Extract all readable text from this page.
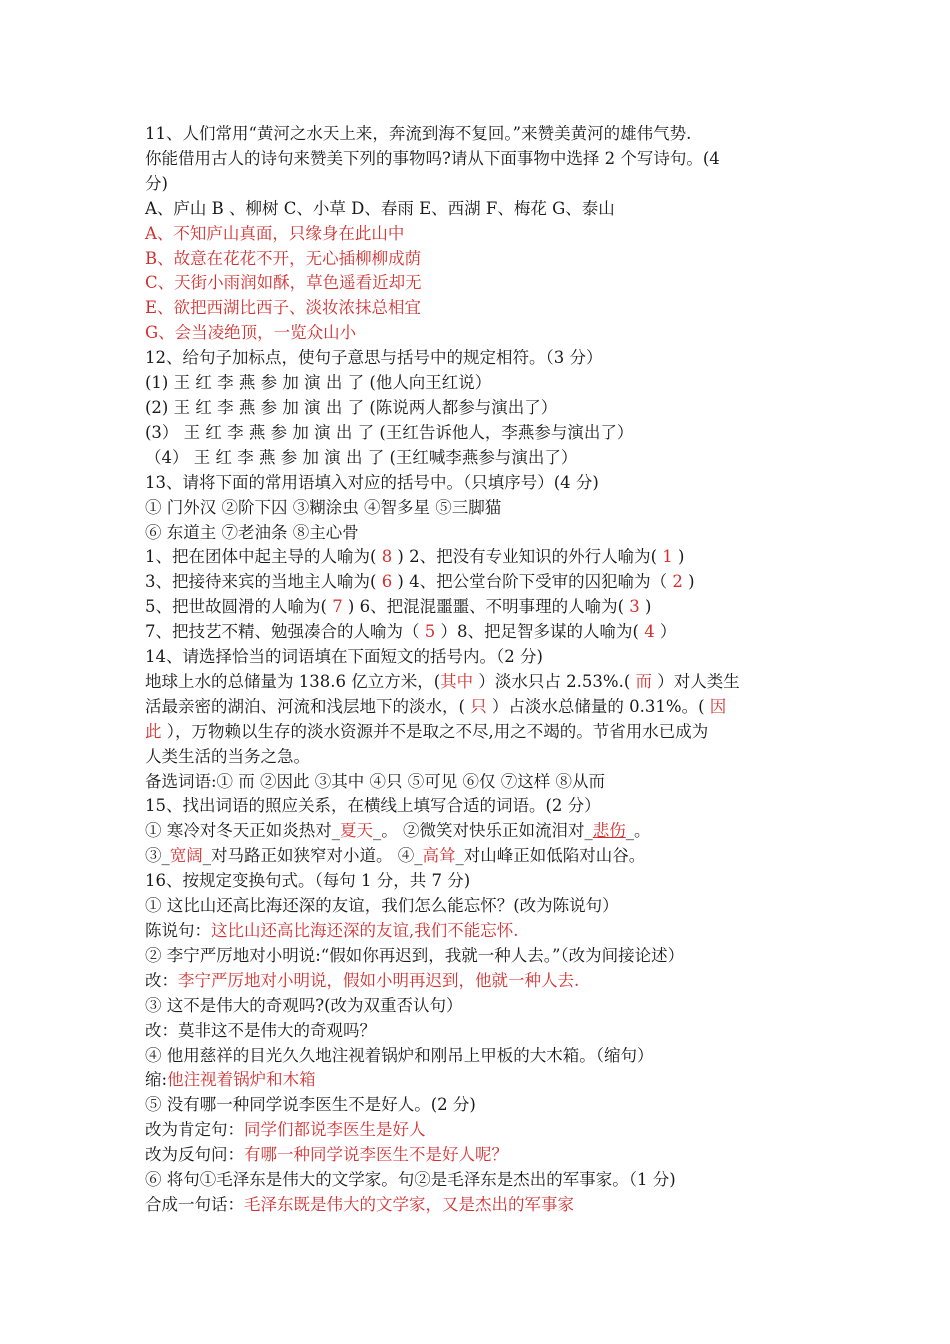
11、人们常用“黄河之水天上来，奔流到海不复回。”来赞美黄河的雄伟气势.
你能借用古人的诗句来赞美下列的事物吗?请从下面事物中选择 2 个写诗句。(4
分)
A、庐山 B 、柳树 C、小草 D、春雨 E、西湖 F、梅花 G、泰山
A、不知庐山真面，只缘身在此山中
B、故意在花花不开，无心插柳柳成荫
C、天街小雨润如酥，草色遥看近却无
E、欲把西湖比西子、淡妆浓抹总相宜
G、会当凌绝顶，一览众山小
12、给句子加标点，使句子意思与括号中的规定相符。（3 分）
(1) 王 红 李 燕 参 加 演 出 了 (他人向王红说）
(2) 王 红 李 燕 参 加 演 出 了 (陈说两人都参与演出了）
(3） 王 红 李 燕 参 加 演 出 了 (王红告诉他人，李燕参与演出了）
（4） 王 红 李 燕 参 加 演 出 了 (王红喊李燕参与演出了）
13、请将下面的常用语填入对应的括号中。（只填序号）(4 分)
① 门外汉 ②阶下囚 ③糊涂虫 ④智多星 ⑤三脚猫
⑥ 东道主 ⑦老油条 ⑧主心骨
1、把在团体中起主导的人喻为( 8 ) 2、把没有专业知识的外行人喻为( 1 )
3、把接待来宾的当地主人喻为( 6 ) 4、把公堂台阶下受审的囚犯喻为（ 2 )
5、把世故圆滑的人喻为( 7 ) 6、把混混噩噩、不明事理的人喻为( 3 )
7、把技艺不精、勉强凑合的人喻为（ 5 ）8、把足智多谋的人喻为( 4 ）
14、请选择恰当的词语填在下面短文的括号内。（2 分)
地球上水的总储量为 138.6 亿立方米，(其中 ）淡水只占 2.53%.( 而 ）对人类生
活最亲密的湖泊、河流和浅层地下的淡水，( 只 ）占淡水总储量的 0.31%。( 因
此 ），万物赖以生存的淡水资源并不是取之不尽,用之不竭的。节省用水已成为
人类生活的当务之急。
备选词语:① 而 ②因此 ③其中 ④只 ⑤可见 ⑥仅 ⑦这样 ⑧从而
15、找出词语的照应关系，在横线上填写合适的词语。(2 分）
① 寒冷对冬天正如炎热对_夏天_。 ②微笑对快乐正如流泪对_悲伤_。
③_宽阔_对马路正如狭窄对小道。 ④_高耸_对山峰正如低陷对山谷。
16、按规定变换句式。（每句 1 分，共 7 分)
① 这比山还高比海还深的友谊，我们怎么能忘怀？(改为陈说句）
陈说句：这比山还高比海还深的友谊,我们不能忘怀.
② 李宁严厉地对小明说:“假如你再迟到，我就一种人去。”（改为间接论述）
改：李宁严厉地对小明说，假如小明再迟到，他就一种人去.
③ 这不是伟大的奇观吗?(改为双重否认句）
改：莫非这不是伟大的奇观吗？
④ 他用慈祥的目光久久地注视着锅炉和刚吊上甲板的大木箱。（缩句）
缩:他注视着锅炉和木箱
⑤ 没有哪一种同学说李医生不是好人。(2 分)
改为肯定句：同学们都说李医生是好人
改为反句问：有哪一种同学说李医生不是好人呢？
⑥ 将句①毛泽东是伟大的文学家。句②是毛泽东是杰出的军事家。（1 分)
合成一句话：毛泽东既是伟大的文学家，又是杰出的军事家
